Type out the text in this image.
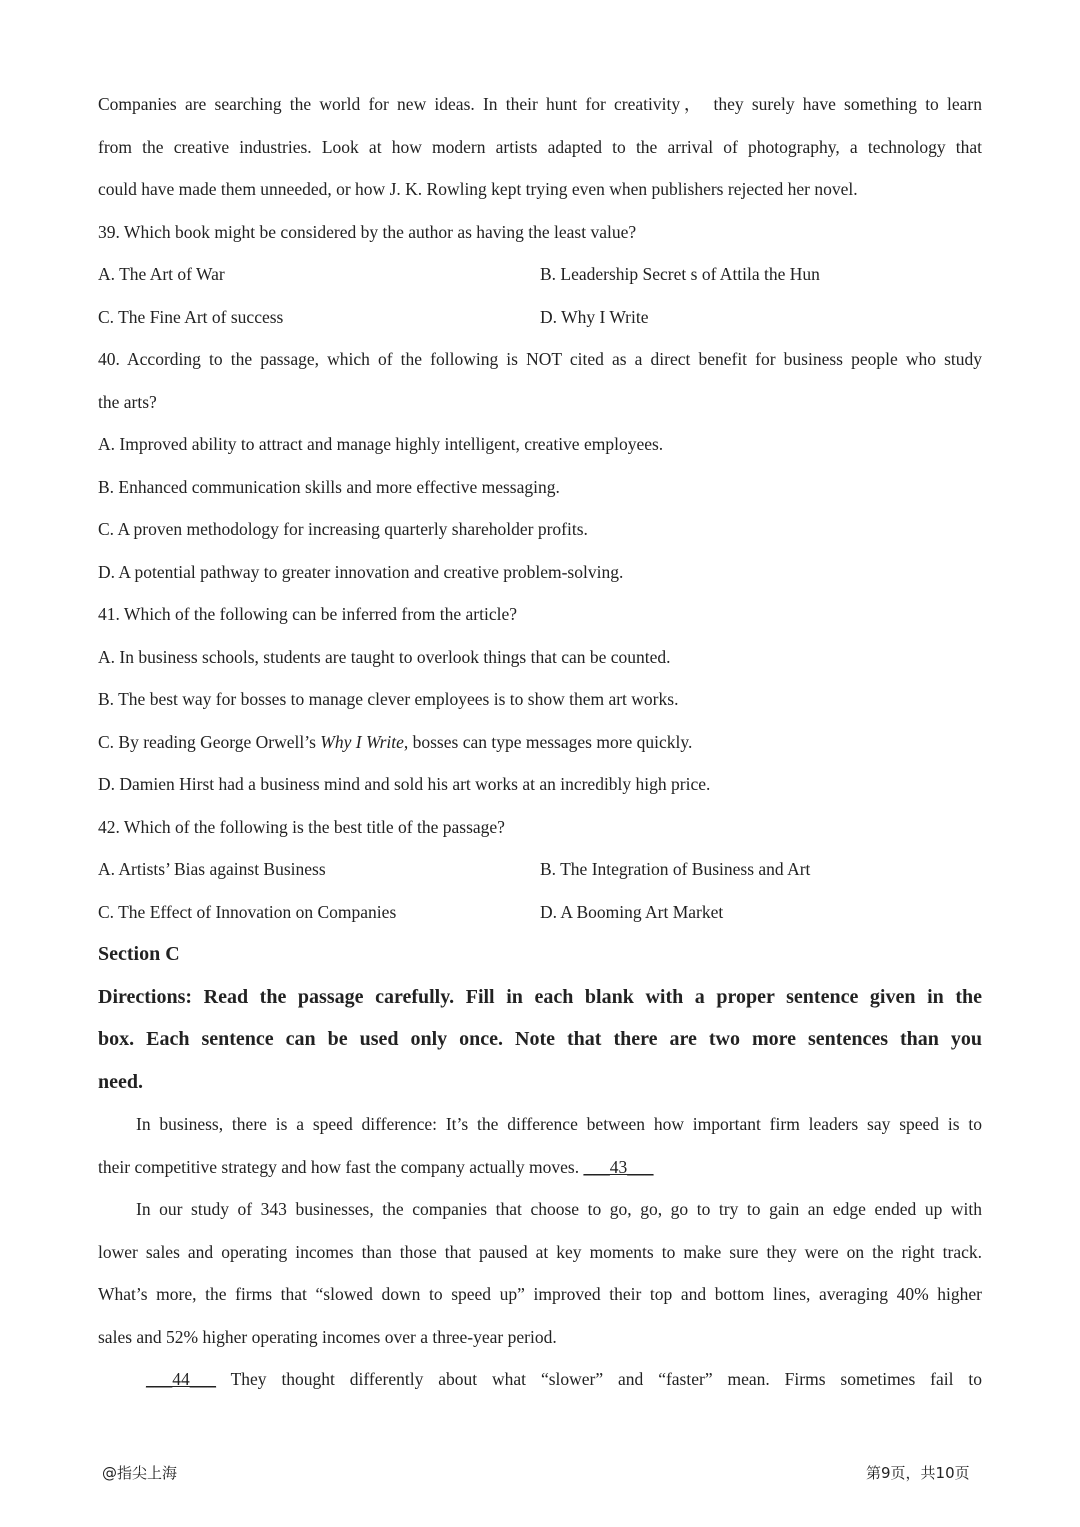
Companies are searching the world for new ideas. In their hunt for creativity， they surely have something to learn
from the creative industries. Look at how modern artists adapted to the arrival of photography, a technology that
could have made them unneeded, or how J. K. Rowling kept trying even when publishers rejected her novel.
39. Which book might be considered by the author as having the least value?
A. The Art of War	B. Leadership Secret s of Attila the Hun
C. The Fine Art of success	D. Why I Write
40. According to the passage, which of the following is NOT cited as a direct benefit for business people who study
the arts?
A. Improved ability to attract and manage highly intelligent, creative employees.
B. Enhanced communication skills and more effective messaging.
C. A proven methodology for increasing quarterly shareholder profits.
D. A potential pathway to greater innovation and creative problem-solving.
41. Which of the following can be inferred from the article?
A. In business schools, students are taught to overlook things that can be counted.
B. The best way for bosses to manage clever employees is to show them art works.
C. By reading George Orwell’s Why I Write, bosses can type messages more quickly.
D. Damien Hirst had a business mind and sold his art works at an incredibly high price.
42. Which of the following is the best title of the passage?
A. Artists’ Bias against Business	B. The Integration of Business and Art
C. The Effect of Innovation on Companies	D. A Booming Art Market
Section C
Directions: Read the passage carefully. Fill in each blank with a proper sentence given in the
box. Each sentence can be used only once. Note that there are two more sentences than you
need.
In business, there is a speed difference: It’s the difference between how important firm leaders say speed is to
their competitive strategy and how fast the company actually moves. ___43___
In our study of 343 businesses, the companies that choose to go, go, go to try to gain an edge ended up with
lower sales and operating incomes than those that paused at key moments to make sure they were on the right track.
What’s more, the firms that “slowed down to speed up” improved their top and bottom lines, averaging 40% higher
sales and 52% higher operating incomes over a three-year period.
___44___ They thought differently about what “slower” and “faster” mean. Firms sometimes fail to
@指尖上海	第9页，共10页
